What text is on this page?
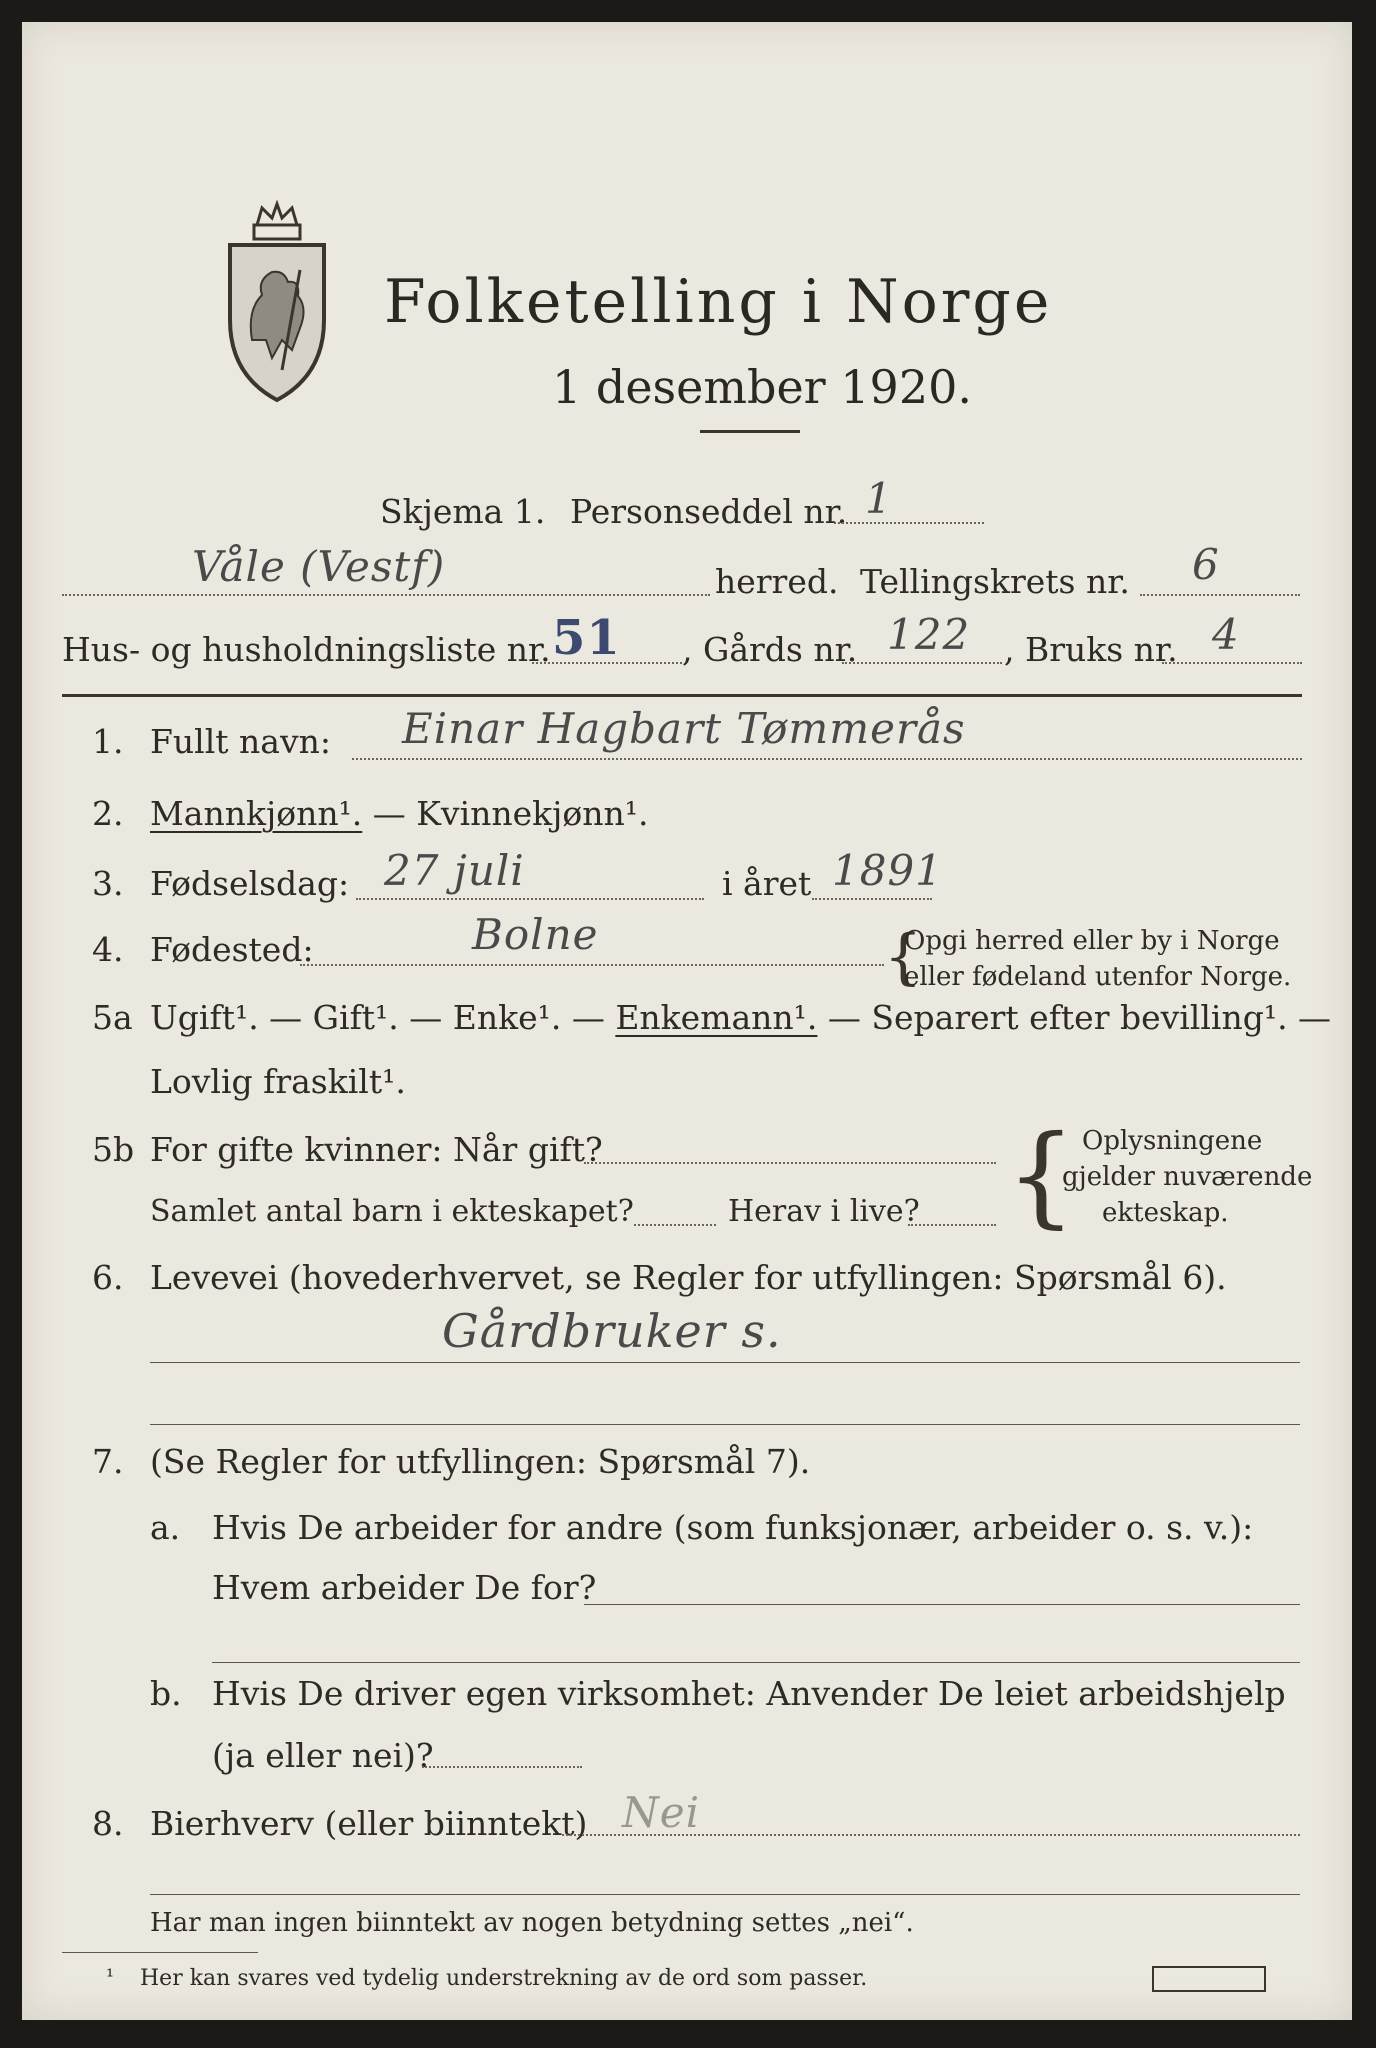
Folketelling i Norge
1 desember 1920.
Skjema 1. Personseddel nr. 1
Våle (Vestf)	herred. Tellingskrets nr. 6
Hus- og husholdningsliste nr. 51 , Gårds nr. 122 , Bruks nr. 4
1. Fullt navn: Einar Hagbart Tømmerås
2. Mannkjønn¹. — Kvinnekjønn¹.
3. Fødselsdag: 27 juli	i året 1891
4. Fødested:	Bolne	{
Opgi herred eller by i Norge
eller fødeland utenfor Norge.
5a Ugift¹. — Gift¹. — Enke¹. — Enkemann¹. — Separert efter bevilling¹. —
Lovlig fraskilt¹.
5b For gifte kvinner: Når gift?
Samlet antal barn i ekteskapet?	Herav i live? { Oplysningene
gjelder nuværende
ekteskap.
6. Levevei (hovederhvervet, se Regler for utfyllingen: Spørsmål 6).
Gårdbruker s.
7. (Se Regler for utfyllingen: Spørsmål 7).
a. Hvis De arbeider for andre (som funksjonær, arbeider o. s. v.):
Hvem arbeider De for?
b. Hvis De driver egen virksomhet: Anvender De leiet arbeidshjelp
(ja eller nei)?
8. Bierhverv (eller biinntekt) Nei
Har man ingen biinntekt av nogen betydning settes „nei“.
¹ Her kan svares ved tydelig understrekning av de ord som passer.
